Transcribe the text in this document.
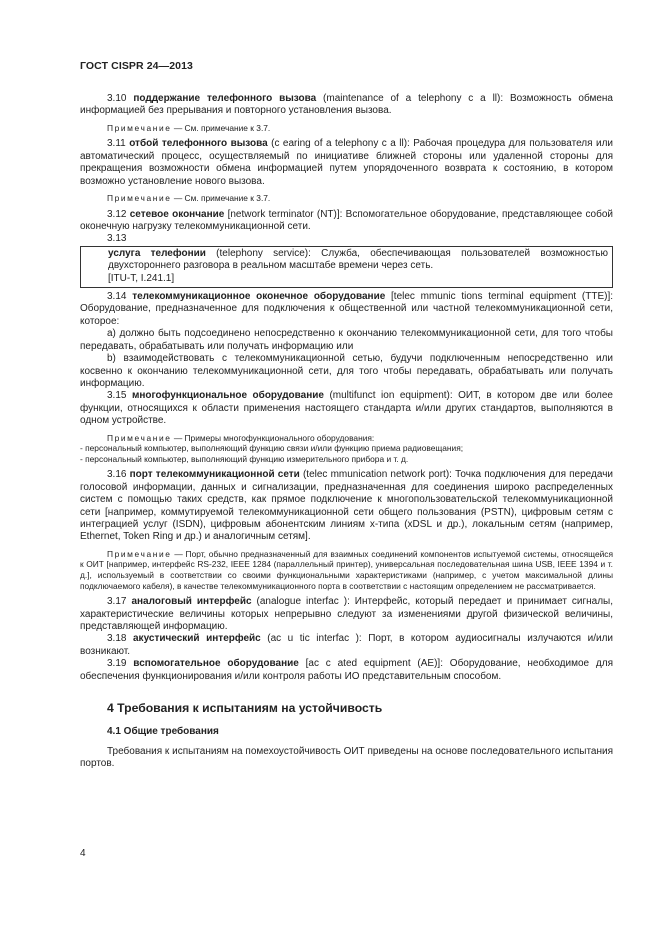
ГОСТ CISPR 24—2013

3.10 поддержание телефонного вызова (maintenance of a telephony c a ll): Возможность обмена информацией без прерывания и повторного установления вызова.

Примечание — См. примечание к 3.7.

3.11 отбой телефонного вызова (c earing of a telephony c a ll): Рабочая процедура для пользователя или автоматический процесс, осуществляемый по инициативе ближней стороны или удаленной стороны для прекращения возможности обмена информацией путем упорядоченного возврата к состоянию, в котором возможно установление нового вызова.

Примечание — См. примечание к 3.7.

3.12 сетевое окончание [network terminator (NT)]: Вспомогательное оборудование, представляющее собой оконечную нагрузку телекоммуникационной сети.

3.13

услуга телефонии (telephony service): Служба, обеспечивающая пользователей возможностью двухстороннего разговора в реальном масштабе времени через сеть.

[ITU-T, I.241.1]

3.14 телекоммуникационное оконечное оборудование [telec mmunic tions terminal equipment (TTE)]: Оборудование, предназначенное для подключения к общественной или частной телекоммуникационной сети, которое:

а) должно быть подсоединено непосредственно к окончанию телекоммуникационной сети, для того чтобы передавать, обрабатывать или получать информацию или

b) взаимодействовать с телекоммуникационной сетью, будучи подключенным непосредственно или косвенно к окончанию телекоммуникационной сети, для того чтобы передавать, обрабатывать или получать информацию.

3.15 многофункциональное оборудование (multifunct ion equipment): ОИТ, в котором две или более функции, относящихся к области применения настоящего стандарта и/или других стандартов, выполняются в одном устройстве.

Примечание — Примеры многофункционального оборудования:

- персональный компьютер, выполняющий функцию связи и/или функцию приема радиовещания;

- персональный компьютер, выполняющий функцию измерительного прибора и т. д.

3.16 порт телекоммуникационной сети (telec mmunication network port): Точка подключения для передачи голосовой информации, данных и сигнализации, предназначенная для соединения широко распределенных систем с помощью таких средств, как прямое подключение к многопользовательской телекоммуникационной сети [например, коммутируемой телекоммуникационной сети общего пользования (PSTN), цифровым сетям с интеграцией услуг (ISDN), цифровым абонентским линиям х-типа (xDSL и др.), локальным сетям (например, Ethernet, Token Ring и др.) и аналогичным сетям].

Примечание — Порт, обычно предназначенный для взаимных соединений компонентов испытуемой системы, относящейся к ОИТ [например, интерфейс RS-232, IEEE 1284 (параллельный принтер), универсальная последовательная шина USB, IEEE 1394 и т. д.], используемый в соответствии со своими функциональными характеристиками (например, с учетом максимальной длины подключаемого кабеля), в качестве телекоммуникационного порта в соответствии с настоящим определением не рассматривается.

3.17 аналоговый интерфейс (analogue interfac ): Интерфейс, который передает и принимает сигналы, характеристические величины которых непрерывно следуют за изменениями другой физической величины, представляющей информацию.

3.18 акустический интерфейс (ac u tic interfac ): Порт, в котором аудиосигналы излучаются и/или возникают.

3.19 вспомогательное оборудование [ac c ated equipment (AE)]: Оборудование, необходимое для обеспечения функционирования и/или контроля работы ИО представительным способом.

4 Требования к испытаниям на устойчивость

4.1 Общие требования

Требования к испытаниям на помехоустойчивость ОИТ приведены на основе последовательного испытания портов.

4
